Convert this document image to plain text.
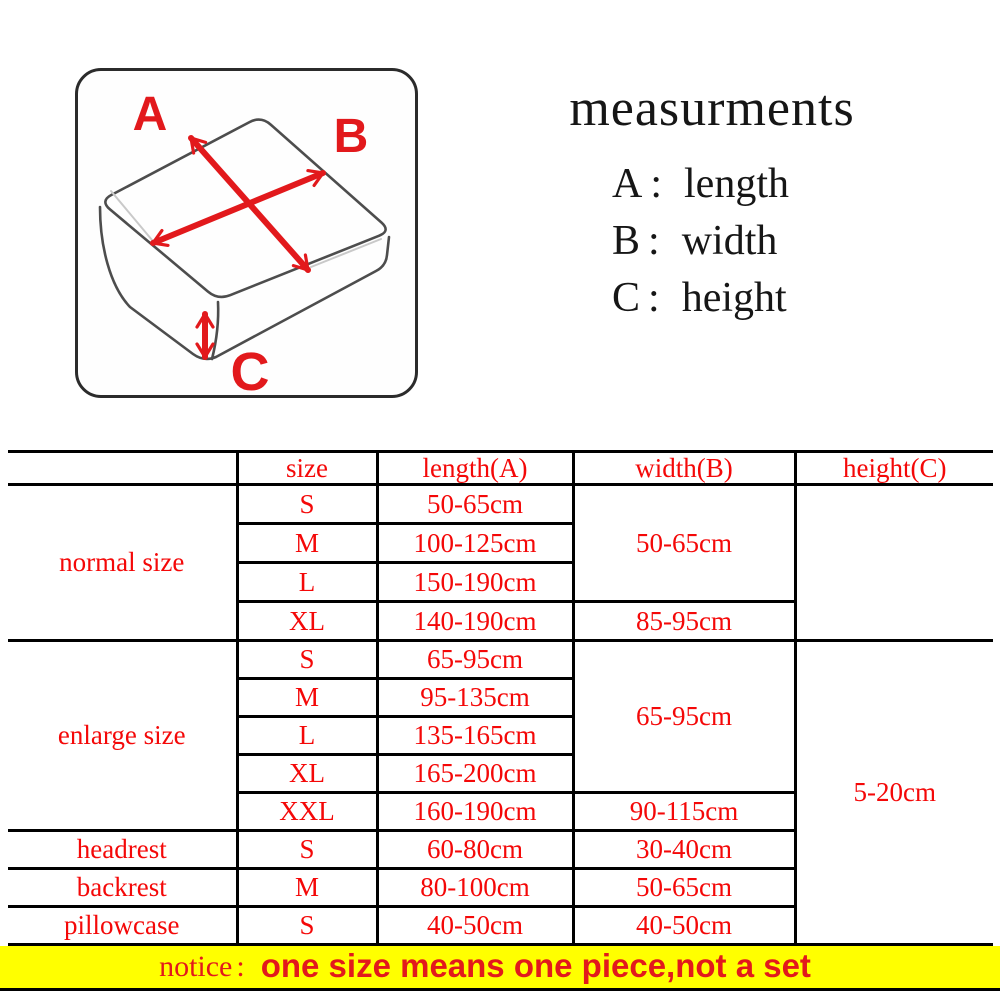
A	B
C
measurments
A : length
B : width
C : height
	size	length(A)	width(B)	height(C)
normal size	S	50-65cm	50-65cm	
	M	100-125cm		
	L	150-190cm		
	XL	140-190cm	85-95cm	
enlarge size	S	65-95cm	65-95cm	5-20cm
	M	95-135cm		
	L	135-165cm		
	XL	165-200cm		
	XXL	160-190cm	90-115cm	
headrest	S	60-80cm	30-40cm	
backrest	M	80-100cm	50-65cm	
pillowcase	S	40-50cm	40-50cm	
notice : one size means one piece,not a set
